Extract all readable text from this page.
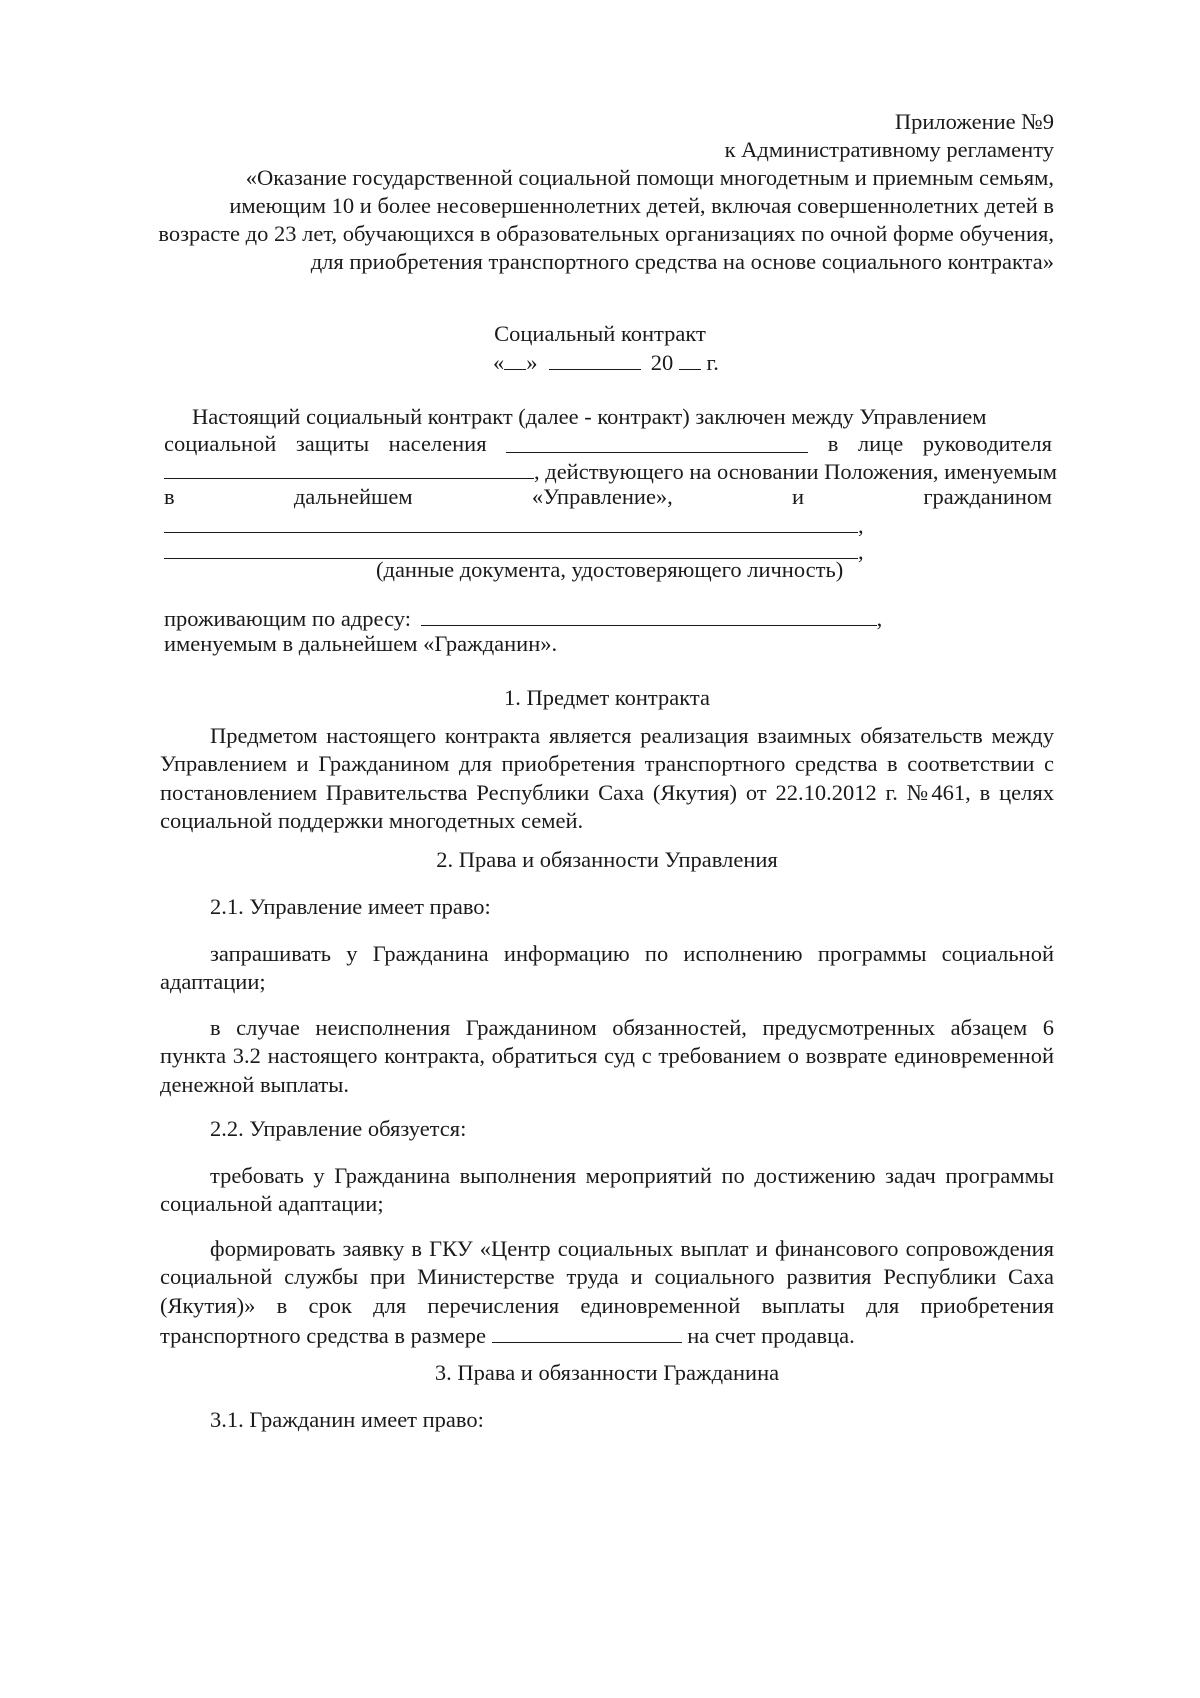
Приложение №9
к Административному регламенту
«Оказание государственной социальной помощи многодетным и приемным семьям,
имеющим 10 и более несовершеннолетних детей, включая совершеннолетних детей в
возрасте до 23 лет, обучающихся в образовательных организациях по очной форме обучения,
для приобретения транспортного средства на основе социального контракта»
Социальный контракт
« »	20 г.
Настоящий социальный контракт (далее - контракт) заключен между Управлением
социальной защиты населения	в лице руководителя
, действующего на основании Положения, именуемым
в	дальнейшем	«Управление»,	и	гражданином
,
,
(данные документа, удостоверяющего личность)
проживающим по адресу:	,
именуемым в дальнейшем «Гражданин».
1. Предмет контракта
Предметом настоящего контракта является реализация взаимных обязательств между Управлением и Гражданином для приобретения транспортного средства в соответствии с постановлением Правительства Республики Саха (Якутия) от 22.10.2012 г. №461, в целях социальной поддержки многодетных семей.
2. Права и обязанности Управления
2.1. Управление имеет право:
запрашивать у Гражданина информацию по исполнению программы социальной адаптации;
в случае неисполнения Гражданином обязанностей, предусмотренных абзацем 6 пункта 3.2 настоящего контракта, обратиться суд с требованием о возврате единовременной денежной выплаты.
2.2. Управление обязуется:
требовать у Гражданина выполнения мероприятий по достижению задач программы социальной адаптации;
формировать заявку в ГКУ «Центр социальных выплат и финансового сопровождения социальной службы при Министерстве труда и социального развития Республики Саха (Якутия)» в срок для перечисления единовременной выплаты для приобретения транспортного средства в размере	на счет продавца.
3. Права и обязанности Гражданина
3.1. Гражданин имеет право:
